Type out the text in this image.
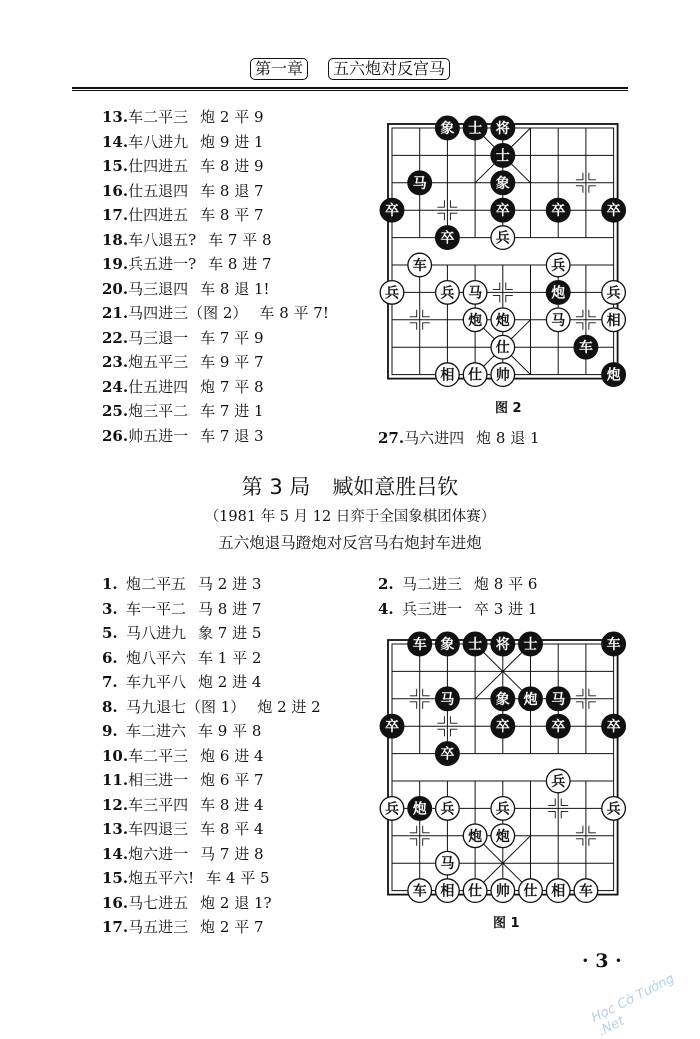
第一章 五六炮对反宫马
13.车二平三 炮 2 平 9
14.车八进九 炮 9 进 1
15.仕四进五 车 8 进 9
16.仕五退四 车 8 退 7
17.仕四进五 车 8 平 7
18.车八退五? 车 7 平 8
19.兵五进一? 车 8 进 7
20.马三退四 车 8 退 1!
21.马四进三（图 2） 车 8 平 7!
22.马三退一 车 7 平 9
23.炮五平三 车 9 平 7
24.仕五进四 炮 7 平 8
25.炮三平二 车 7 进 1
26.帅五进一 车 7 退 3
卒
马
象
卒
士 将
士
象
卒	卒	卒
炮
车
炮
兵
车	兵
兵	兵 马	兵
炮 炮	马	相
仕
相 仕 帅
图 2
27.马六进四 炮 8 退 1
第 3 局 臧如意胜吕钦
（1981 年 5 月 12 日弈于全国象棋团体赛）
五六炮退马蹬炮对反宫马右炮封车进炮
1. 炮二平五 马 2 进 3
3. 车一平二 马 8 进 7
5. 马八进九 象 7 进 5
6. 炮八平六 车 1 平 2
7. 车九平八 炮 2 进 4
8. 马九退七（图 1） 炮 2 进 2
9. 车二进六 车 9 平 8
10.车二平三 炮 6 进 4
11.相三进一 炮 6 平 7
12.车三平四 车 8 进 4
13.车四退三 车 8 平 4
14.炮六进一 马 7 进 8
15.炮五平六! 车 4 平 5
16.马七进五 炮 2 退 1?
17.马五进三 炮 2 平 7
2. 马二进三 炮 8 平 6
4. 兵三进一 卒 3 进 1
车 象 士 将 士	车
马	象 炮 马
卒	卒	卒	卒
卒
炮
兵
兵	兵	兵	兵
炮 炮
马
车 相 仕 帅 仕 相 车
图 1
· 3 ·
Học Cờ Tướng .Net
